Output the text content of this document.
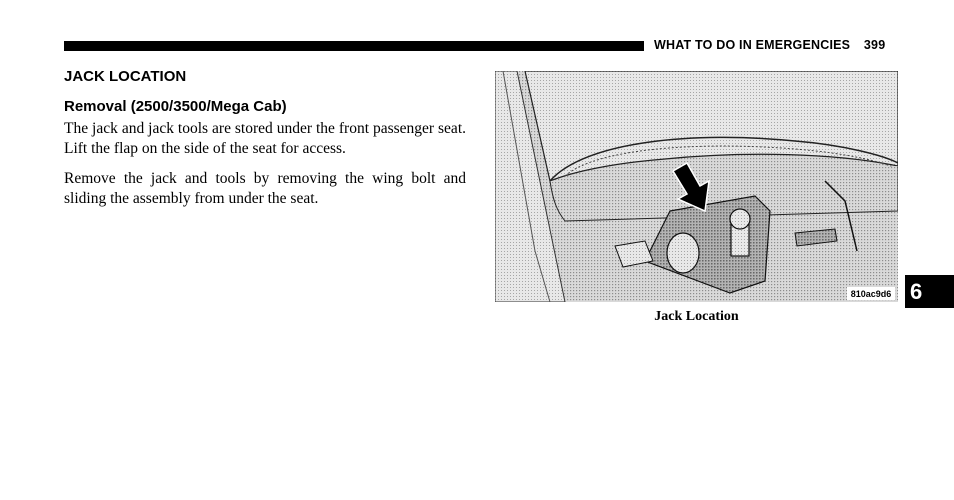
WHAT TO DO IN EMERGENCIES 399
JACK LOCATION
Removal (2500/3500/Mega Cab)

The jack and jack tools are stored under the front passenger seat. Lift the flap on the side of the seat for access.

Remove the jack and tools by removing the wing bolt and sliding the assembly from under the seat.

810ac9d6
Jack Location
6
